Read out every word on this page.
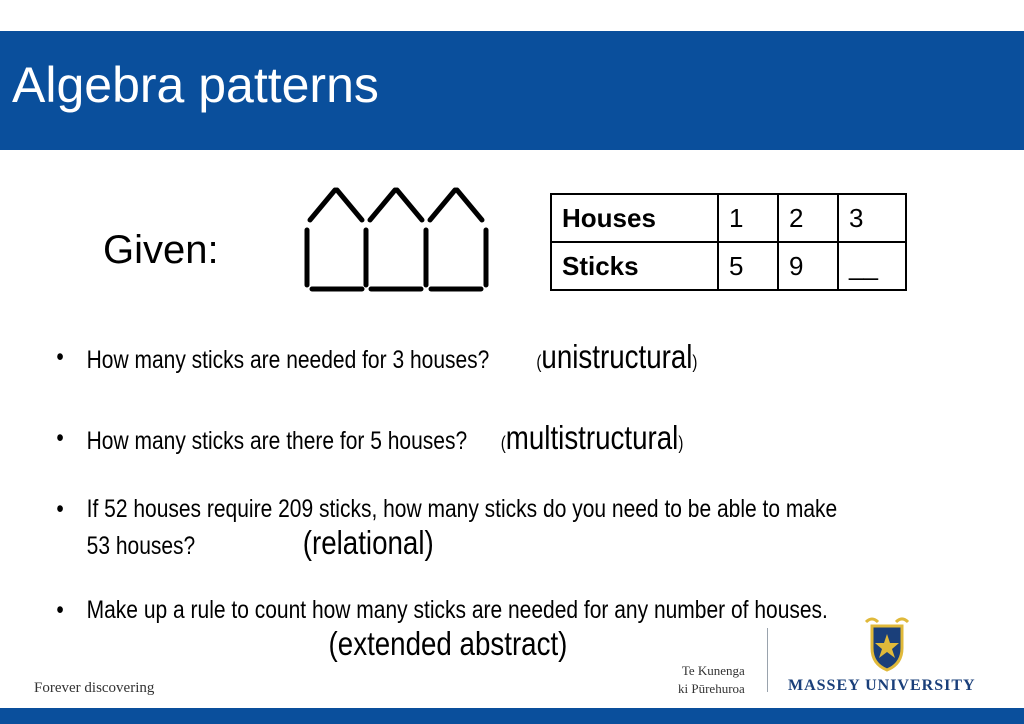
Algebra patterns
Given:
Houses	1	2	3
Sticks	5	9	__
• How many sticks are needed for 3 houses?	(unistructural)
• How many sticks are there for 5 houses? (multistructural)
• If 52 houses require 209 sticks, how many sticks do you need to be able to make 53 houses?	(relational)
• Make up a rule to count how many sticks are needed for any number of houses.(extended abstract)
Forever discovering
Te Kunenga
ki Pūrehuroa	MASSEY UNIVERSITY
